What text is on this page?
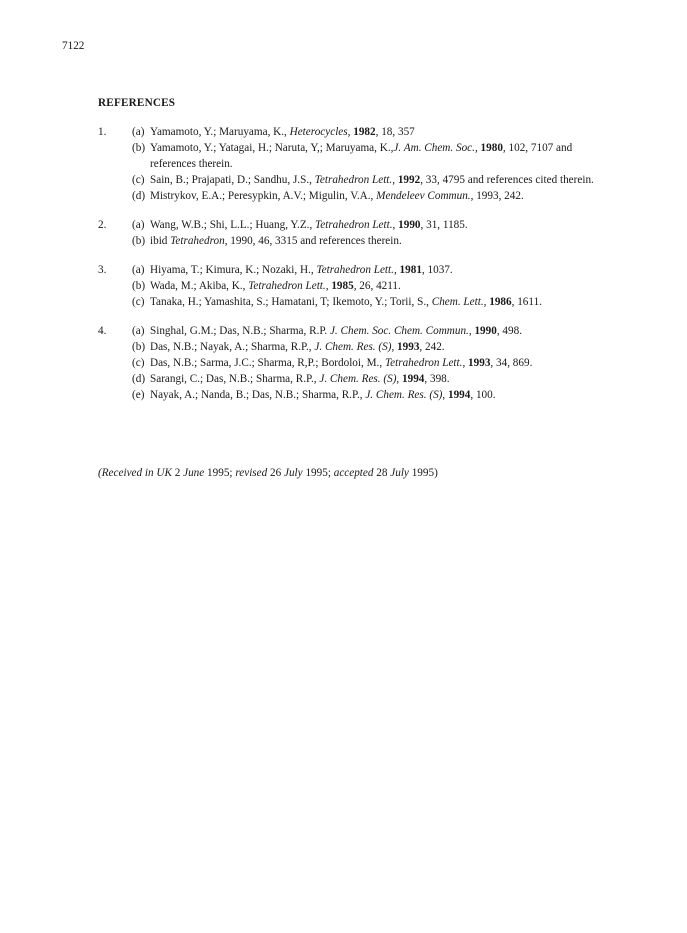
7122
REFERENCES
1. (a) Yamamoto, Y.; Maruyama, K., Heterocycles, 1982, 18, 357
(b) Yamamoto, Y.; Yatagai, H.; Naruta, Y,; Maruyama, K.,J. Am. Chem. Soc., 1980, 102, 7107 and references therein.
(c) Sain, B.; Prajapati, D.; Sandhu, J.S., Tetrahedron Lett., 1992, 33, 4795 and references cited therein.
(d) Mistrykov, E.A.; Peresypkin, A.V.; Migulin, V.A., Mendeleev Commun., 1993, 242.
2. (a) Wang, W.B.; Shi, L.L.; Huang, Y.Z., Tetrahedron Lett., 1990, 31, 1185.
(b) ibid Tetrahedron, 1990, 46, 3315 and references therein.
3. (a) Hiyama, T.; Kimura, K.; Nozaki, H., Tetrahedron Lett., 1981, 1037.
(b) Wada, M.; Akiba, K., Tetrahedron Lett., 1985, 26, 4211.
(c) Tanaka, H.; Yamashita, S.; Hamatani, T; Ikemoto, Y.; Torii, S., Chem. Lett., 1986, 1611.
4. (a) Singhal, G.M.; Das, N.B.; Sharma, R.P. J. Chem. Soc. Chem. Commun., 1990, 498.
(b) Das, N.B.; Nayak, A.; Sharma, R.P., J. Chem. Res. (S), 1993, 242.
(c) Das, N.B.; Sarma, J.C.; Sharma, R,P.; Bordoloi, M., Tetrahedron Lett., 1993, 34, 869.
(d) Sarangi, C.; Das, N.B.; Sharma, R.P., J. Chem. Res. (S), 1994, 398.
(e) Nayak, A.; Nanda, B.; Das, N.B.; Sharma, R.P., J. Chem. Res. (S), 1994, 100.
(Received in UK 2 June 1995; revised 26 July 1995; accepted 28 July 1995)
